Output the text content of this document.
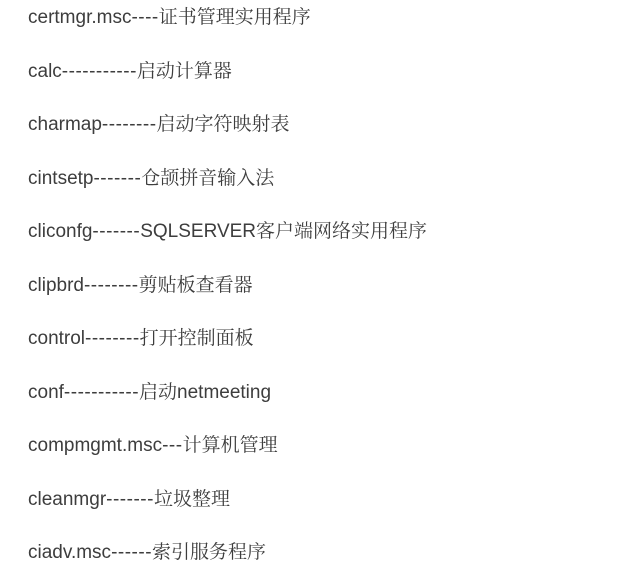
certmgr.msc----证书管理实用程序

calc-----------启动计算器

charmap--------启动字符映射表

cintsetp-------仓颉拼音输入法

cliconfg-------SQLSERVER客户端网络实用程序

clipbrd--------剪贴板查看器

control--------打开控制面板

conf-----------启动netmeeting

compmgmt.msc---计算机管理

cleanmgr-------垃圾整理

ciadv.msc------索引服务程序
